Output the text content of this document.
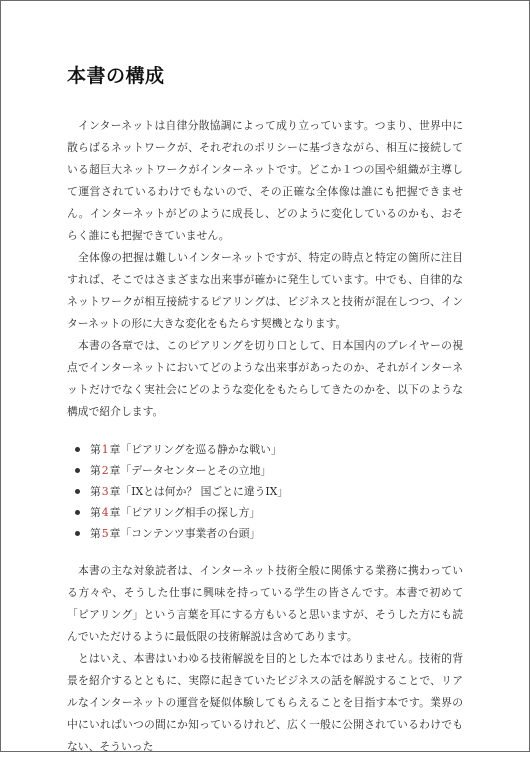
本書の構成

インターネットは自律分散協調によって成り立っています。つまり、世界中に散らばるネットワークが、それぞれのポリシーに基づきながら、相互に接続している超巨大ネットワークがインターネットです。どこか１つの国や組織が主導して運営されているわけでもないので、その正確な全体像は誰にも把握できません。インターネットがどのように成長し、どのように変化しているのかも、おそらく誰にも把握できていません。

全体像の把握は難しいインターネットですが、特定の時点と特定の箇所に注目すれば、そこではさまざまな出来事が確かに発生しています。中でも、自律的なネットワークが相互接続するピアリングは、ビジネスと技術が混在しつつ、インターネットの形に大きな変化をもたらす契機となります。

本書の各章では、このピアリングを切り口として、日本国内のプレイヤーの視点でインターネットにおいてどのような出来事があったのか、それがインターネットだけでなく実社会にどのような変化をもたらしてきたのかを、以下のような構成で紹介します。

第 1 章 「ピアリングを巡る静かな戦い」
第 2 章 「データセンターとその立地」
第 3 章 「IXとは何か？ 国ごとに違うIX」
第 4 章 「ピアリング相手の探し方」
第 5 章 「コンテンツ事業者の台頭」

本書の主な対象読者は、インターネット技術全般に関係する業務に携わっている方々や、そうした仕事に興味を持っている学生の皆さんです。本書で初めて「ピアリング」という言葉を耳にする方もいると思いますが、そうした方にも読んでいただけるように最低限の技術解説は含めてあります。

とはいえ、本書はいわゆる技術解説を目的とした本ではありません。技術的背景を紹介するとともに、実際に起きていたビジネスの話を解説することで、リアルなインターネットの運営を疑似体験してもらえることを目指す本です。業界の中にいればいつの間にか知っているけれど、広く一般に公開されているわけでもない、そういった
